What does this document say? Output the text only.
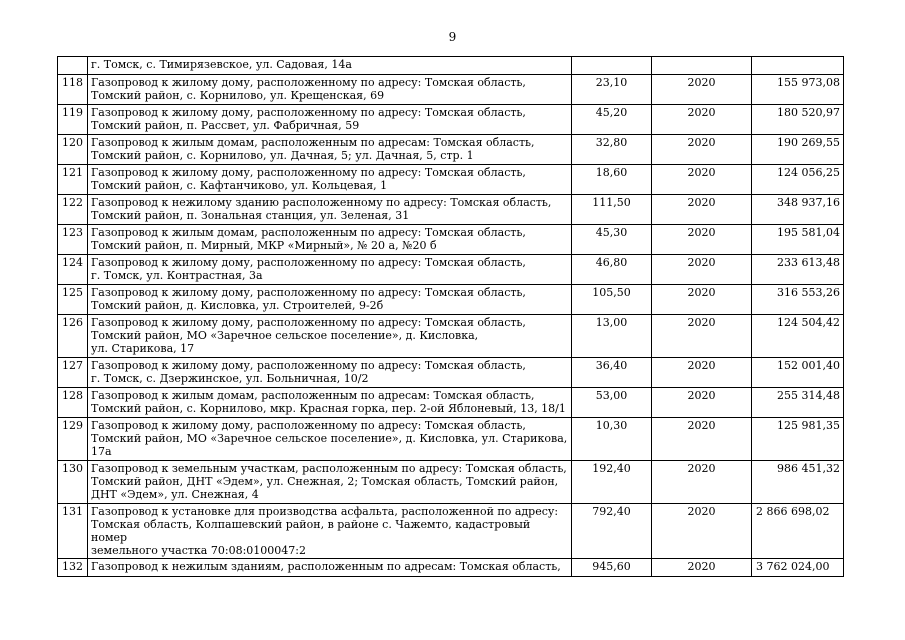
9
	г. Томск, с. Тимирязевское, ул. Садовая, 14а			
118	Газопровод к жилому дому, расположенному по адресу: Томская область,
Томский район, с. Корнилово, ул. Крещенская, 69	23,10	2020	155 973,08
119	Газопровод к жилому дому, расположенному по адресу: Томская область,
Томский район, п. Рассвет, ул. Фабричная, 59	45,20	2020	180 520,97
120	Газопровод к жилым домам, расположенным по адресам: Томская область,
Томский район, с. Корнилово, ул. Дачная, 5; ул. Дачная, 5, стр. 1	32,80	2020	190 269,55
121	Газопровод к жилому дому, расположенному по адресу: Томская область,
Томский район, с. Кафтанчиково, ул. Кольцевая, 1	18,60	2020	124 056,25
122	Газопровод к нежилому зданию расположенному по адресу: Томская область,
Томский район, п. Зональная станция, ул. Зеленая, 31	111,50	2020	348 937,16
123	Газопровод к жилым домам, расположенным по адресу: Томская область,
Томский район, п. Мирный, МКР «Мирный», № 20 а, №20 б	45,30	2020	195 581,04
124	Газопровод к жилому дому, расположенному по адресу: Томская область,
г. Томск, ул. Контрастная, 3а	46,80	2020	233 613,48
125	Газопровод к жилому дому, расположенному по адресу: Томская область,
Томский район, д. Кисловка, ул. Строителей, 9-2б	105,50	2020	316 553,26
126	Газопровод к жилому дому, расположенному по адресу: Томская область,
Томский район, МО «Заречное сельское поселение», д. Кисловка,
ул. Старикова, 17	13,00	2020	124 504,42
127	Газопровод к жилому дому, расположенному по адресу: Томская область,
г. Томск, с. Дзержинское, ул. Больничная, 10/2	36,40	2020	152 001,40
128	Газопровод к жилым домам, расположенным по адресам: Томская область,
Томский район, с. Корнилово, мкр. Красная горка, пер. 2-ой Яблоневый, 13, 18/1	53,00	2020	255 314,48
129	Газопровод к жилому дому, расположенному по адресу: Томская область,
Томский район, МО «Заречное сельское поселение», д. Кисловка, ул. Старикова,
17а	10,30	2020	125 981,35
130	Газопровод к земельным участкам, расположенным по адресу: Томская область,
Томский район, ДНТ «Эдем», ул. Снежная, 2; Томская область, Томский район,
ДНТ «Эдем», ул. Снежная, 4	192,40	2020	986 451,32
131	Газопровод к установке для производства асфальта, расположенной по адресу:
Томская область, Колпашевский район, в районе с. Чажемто, кадастровый номер
земельного участка 70:08:0100047:2	792,40	2020	2 866 698,02
132	Газопровод к нежилым зданиям, расположенным по адресам: Томская область,	945,60	2020	3 762 024,00
